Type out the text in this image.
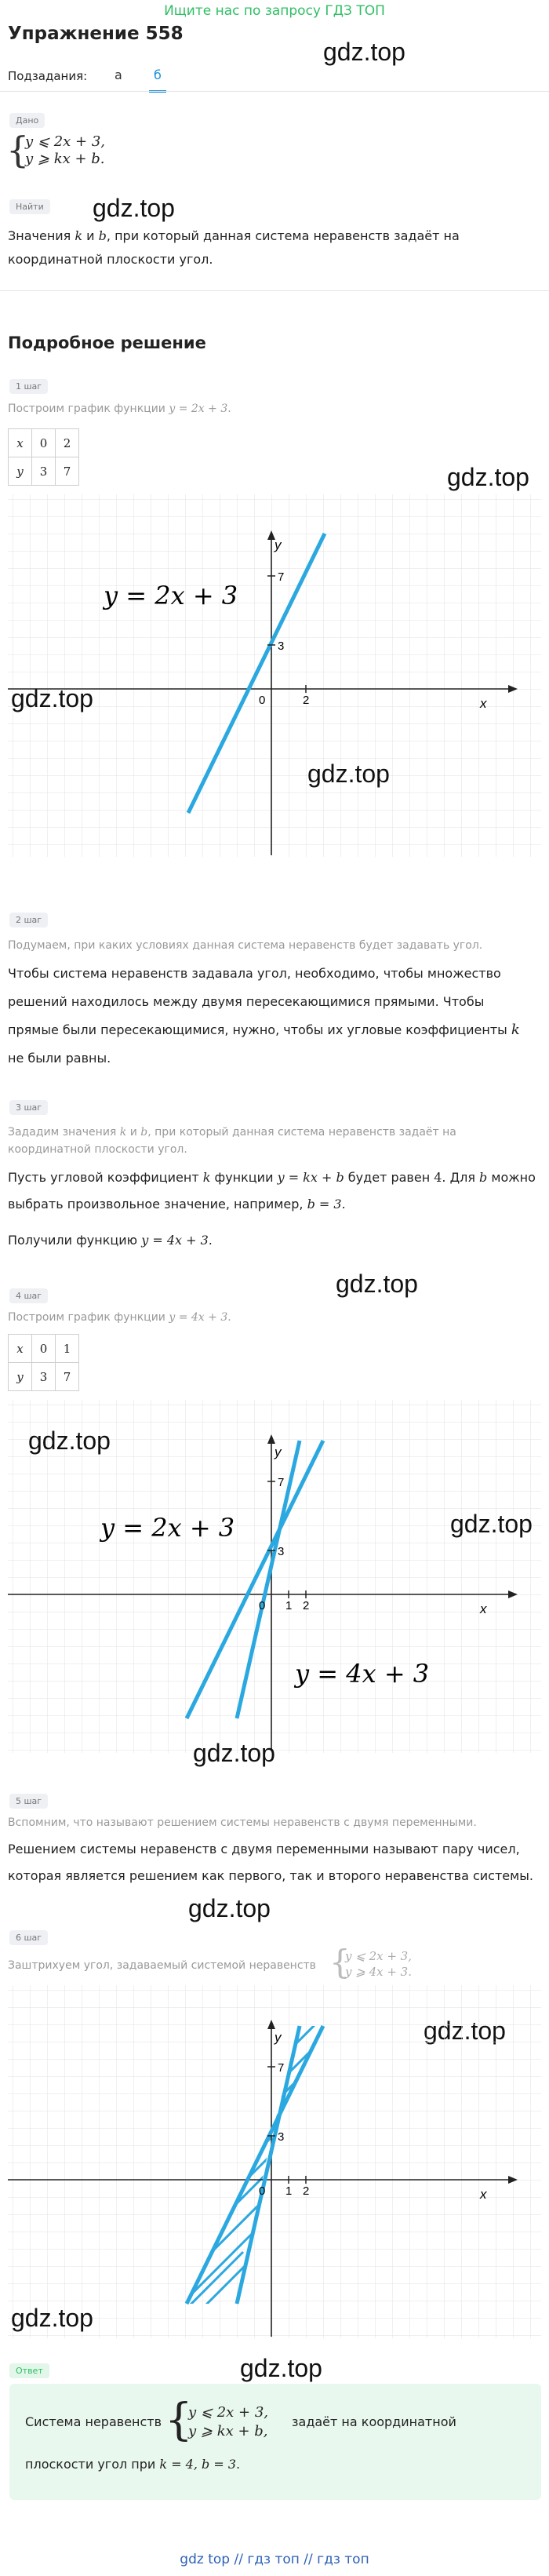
Ищите нас по запросу ГДЗ ТОП
Упражнение 558
gdz.top
Подзадания:	а	б
Дано
{
y ⩽ 2x + 3,
y ⩾ kx + b.
Найти gdz.top
Значения k и b, при который данная система неравенств задаёт на
координатной плоскости угол.
Подробное решение
1 шаг
Построим график функции y = 2x + 3.
x	0	2
y	3	7	gdz.top
y
7
3
0	2	x
y = 2x + 3
gdz.top
gdz.top
2 шаг
Подумаем, при каких условиях данная система неравенств будет задавать угол.
Чтобы система неравенств задавала угол, необходимо, чтобы множество
решений находилось между двумя пересекающимися прямыми. Чтобы
прямые были пересекающимися, нужно, чтобы их угловые коэффициенты k
не были равны.
3 шаг
Зададим значения k и b, при который данная система неравенств задаёт на
координатной плоскости угол.
Пусть угловой коэффициент k функции y = kx + b будет равен 4. Для b можно
выбрать произвольное значение, например, b = 3.
Получили функцию y = 4x + 3.
gdz.top
4 шаг
Построим график функции y = 4x + 3.
x	0	1
y	3	7
y
7
3
0 1 2	x
y = 4x + 3
y = 2x + 3
gdz.top
gdz.top
gdz.top
5 шаг
Вспомним, что называют решением системы неравенств с двумя переменными.
Решением системы неравенств с двумя переменными называют пару чисел,
которая является решением как первого, так и второго неравенства системы.
gdz.top
6 шаг
Заштрихуем угол, задаваемый системой неравенств {
y ⩽ 2x + 3,
y ⩾ 4x + 3.
y
7
3
0 1 2	x
gdz.top
gdz.top
Ответ
Система неравенств {
y ⩽ 2x + 3,
y ⩾ kx + b,
задаёт на координатной
плоскости угол при k = 4, b = 3.
gdz top // гдз топ // гдз топ
